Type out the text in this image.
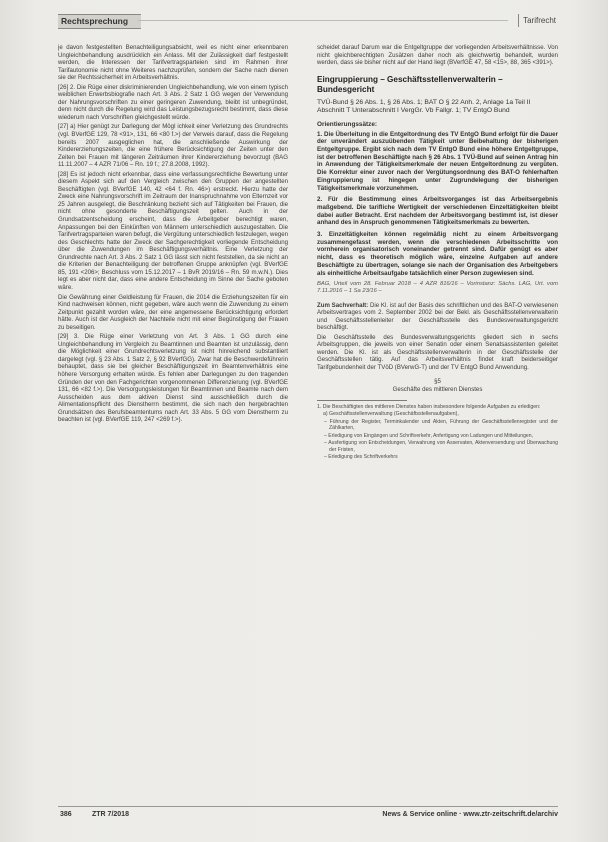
Rechtsprechung	Tarifrecht

je davon festgestellten Benachteiligungsabsicht, weil es nicht einer erkennbaren Ungleichbehandlung ausdrücklich ein Anlass. Mit der Zulässigkeit darf festgestellt werden, die Interessen der Tarifvertragsparteien sind im Rahmen ihrer Tarifautonomie nicht ohne Weiteres nachzuprüfen, sondern der Sache nach dienen sie der Rechtssicherheit im Arbeitsverhältnis.

[26] 2. Die Rüge einer diskriminierenden Ungleichbehandlung, wie von einem typisch weiblichen Erwerbsbiografie nach Art. 3 Abs. 2 Satz 1 GG wegen der Verwendung der Nahrungsvorschriften zu einer geringeren Zuwendung, bleibt ist unbegründet, denn nicht durch die Regelung wird das Leistungsbezugsrecht bestimmt, dass diese wiederum nach Vorschriften gleichgestellt würde.

[27] a) Hier genügt zur Darlegung der Mögl ichkeit einer Verletzung des Grundrechts (vgl. BVerfGE 129, 78 <91>, 131, 66 <80 f.>) der Verweis darauf, dass die Regelung bereits 2007 ausgeglichen hat, die anschließende Auswirkung der Kindererziehungszeiten, die eine frühere Berücksichtigung der Zeiten unter den Zeiten bei Frauen mit längeren Zeiträumen ihrer Kindererziehung bevorzugt (BAG 11.11.2007 – 4 AZR 71/06 – Rn. 19 f.; 27.8.2008, 1992).

[28] Es ist jedoch nicht erkennbar, dass eine verfassungsrechtliche Bewertung unter diesem Aspekt sich auf den Vergleich zwischen den Gruppen der angestellten Beschäftigten (vgl. BVerfGE 140, 42 <64 f. Rn. 46>) erstreckt. Hierzu hatte der Zweck eine Nahrungsvorschrift im Zeitraum der Inanspruchnahme von Elternzeit vor 25 Jahren ausgelegt, die Beschränkung bezieht sich auf Tätigkeiten bei Frauen, die nicht ohne gesonderte Beschäftigungszeit gelten. Auch in der Grundsatzentscheidung erscheint, dass die Arbeitgeber berechtigt waren, Anpassungen bei den Einkünften von Männern unterschiedlich auszugestalten. Die Tarifvertragsparteien waren befugt, die Vergütung unterschiedlich festzulegen, wegen des Geschlechts hatte der Zweck der Sachgerechtigkeit vorliegende Entscheidung über die Zuwendungen im Beschäftigungsverhältnis. Eine Verletzung der Grundrechte nach Art. 3 Abs. 2 Satz 1 GG lässt sich nicht feststellen, da sie nicht an die Kriterien der Benachteiligung der betroffenen Gruppe anknüpfen (vgl. BVerfGE 85, 191 <206>; Beschluss vom 15.12.2017 – 1 BvR 2019/16 – Rn. 59 m.w.N.). Dies legt es aber nicht dar, dass eine andere Entscheidung im Sinne der Sache geboten wäre.

Die Gewährung einer Geldleistung für Frauen, die 2014 die Erziehungszeiten für ein Kind nachweisen können, nicht gegeben, wäre auch wenn die Zuwendung zu einem Zeitpunkt gezahlt worden wäre, der eine angemessene Berücksichtigung erfordert hätte. Auch ist der Ausgleich der Nachteile nicht mit einer Begünstigung der Frauen zu beseitigen.

[29] 3. Die Rüge einer Verletzung von Art. 3 Abs. 1 GG durch eine Ungleichbehandlung im Vergleich zu Beamtinnen und Beamten ist unzulässig, denn die Möglichkeit einer Grundrechtsverletzung ist nicht hinreichend substantiiert dargelegt (vgl. § 23 Abs. 1 Satz 2, § 92 BVerfGG). Zwar hat die Beschwerdeführerin behauptet, dass sie bei gleicher Beschäftigungszeit im Beamtenverhältnis eine höhere Versorgung erhalten würde. Es fehlen aber Darlegungen zu den tragenden Gründen der von den Fachgerichten vorgenommenen Differenzierung (vgl. BVerfGE 131, 66 <82 f.>). Die Versorgungsleistungen für Beamtinnen und Beamte nach dem Ausscheiden aus dem aktiven Dienst sind ausschließlich durch die Alimentationspflicht des Dienstherrn bestimmt, die sich nach den hergebrachten Grundsätzen des Berufsbeamtentums nach Art. 33 Abs. 5 GG vom Dienstherrn zu beachten ist (vgl. BVerfGE 119, 247 <269 f.>).

scheidet darauf Darum war die Entgeltgruppe der vorliegenden Arbeitsverhältnisse. Von nicht gleichberechtigten Zusätzen daher noch als gleichwertig behandelt, wurden werden, dass sie bisher nicht auf der Hand liegt (BVerfGE 47, 58 <15>, 88, 365 <391>).

Eingruppierung – Geschäftsstellenverwalterin – Bundesgericht
TVÜ-Bund § 26 Abs. 1, § 26 Abs. 1; BAT O § 22 Anh. 2, Anlage 1a Teil II Abschnitt T Unterabschnitt I VergGr. Vb Fallgr. 1; TV EntgO Bund
Orientierungssätze:

1. Die Überleitung in die Entgeltordnung des TV EntgO Bund erfolgt für die Dauer der unverändert auszuübenden Tätigkeit unter Beibehaltung der bisherigen Entgeltgruppe. Ergibt sich nach dem TV EntgO Bund eine höhere Entgeltgruppe, ist der betroffenen Beschäftigte nach § 26 Abs. 1 TVÜ-Bund auf seinen Antrag hin in Anwendung der Tätigkeitsmerkmale der neuen Entgeltordnung zu vergüten. Die Korrektur einer zuvor nach der Vergütungsordnung des BAT-O fehlerhaften Eingruppierung ist hingegen unter Zugrundelegung der bisherigen Tätigkeitsmerkmale vorzunehmen.

2. Für die Bestimmung eines Arbeitsvorganges ist das Arbeitsergebnis maßgebend. Die tarifliche Wertigkeit der verschiedenen Einzeltätigkeiten bleibt dabei außer Betracht. Erst nachdem der Arbeitsvorgang bestimmt ist, ist dieser anhand des in Anspruch genommenen Tätigkeitsmerkmals zu bewerten.

3. Einzeltätigkeiten können regelmäßig nicht zu einem Arbeitsvorgang zusammengefasst werden, wenn die verschiedenen Arbeitsschritte von vornherein organisatorisch voneinander getrennt sind. Dafür genügt es aber nicht, dass es theoretisch möglich wäre, einzelne Aufgaben auf andere Beschäftigte zu übertragen, solange sie nach der Organisation des Arbeitgebers als einheitliche Arbeitsaufgabe tatsächlich einer Person zugewiesen sind.

BAG, Urteil vom 28. Februar 2018 – 4 AZR 816/16 – Vorinstanz: Sächs. LAG, Urt. vom 7.11.2016 – 1 Sa 23/16 –

Zum Sachverhalt: Die Kl. ist auf der Basis des schriftlichen und des BAT-O verwiesenen Arbeitsvertrages vom 2. September 2002 bei der Bekl. als Geschäftsstellenverwalterin und Geschäftsstellenleiter der Geschäftsstelle des Bundesverwaltungsgericht beschäftigt.

Die Geschäftsstelle des Bundesverwaltungsgerichts gliedert sich in sechs Arbeitsgruppen, die jeweils von einer Senatin oder einem Senatsassistenten geleitet werden. Die Kl. ist als Geschäftsstellenverwalterin in der Geschäftsstelle der Geschäftsstellen tätig. Auf das Arbeitsverhältnis findet kraft beiderseitiger Tarifgebundenheit der TVöD (BVerwG-T) und der TV EntgO Bund Anwendung.

§5

Geschäfte des mittleren Dienstes

1. Die Beschäftigten des mittleren Dienstes haben insbesondere folgende Aufgaben zu erledigen:

a) Geschäftsstellenverwaltung (Geschäftsstellenaufgaben),

– Führung der Register, Terminkalender und Akten, Führung der Geschäftsstellenregister und der Zählkarten,

– Erledigung von Eingängen und Schriftverkehr, Anfertigung von Ladungen und Mitteilungen,

– Ausfertigung von Entscheidungen, Verwahrung von Asservaten, Aktenversendung und Überwachung der Fristen,

– Erledigung des Schriftverkehrs

386	ZTR 7/2018	News & Service online · www.ztr-zeitschrift.de/archiv
